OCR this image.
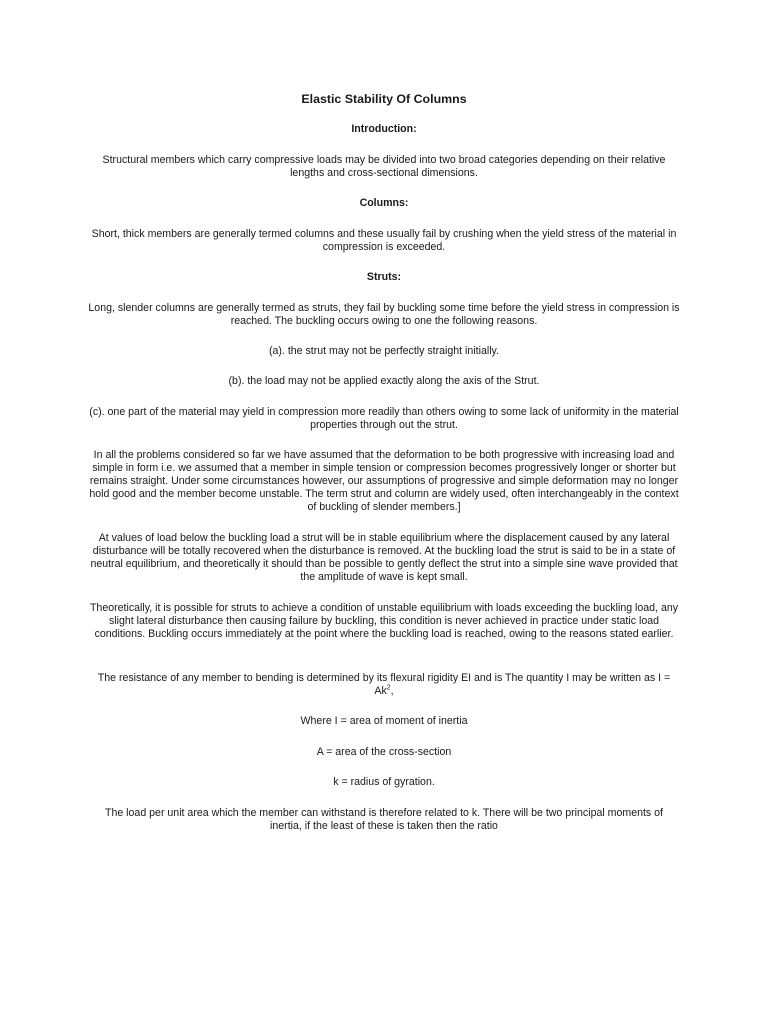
Elastic Stability Of Columns
Introduction:
Structural members which carry compressive loads may be divided into two broad categories depending on their relative lengths and cross-sectional dimensions.
Columns:
Short, thick members are generally termed columns and these usually fail by crushing when the yield stress of the material in compression is exceeded.
Struts:
Long, slender columns are generally termed as struts, they fail by buckling some time before the yield stress in compression is reached. The buckling occurs owing to one the following reasons.
(a). the strut may not be perfectly straight initially.
(b). the load may not be applied exactly along the axis of the Strut.
(c). one part of the material may yield in compression more readily than others owing to some lack of uniformity in the material properties through out the strut.
In all the problems considered so far we have assumed that the deformation to be both progressive with increasing load and simple in form i.e. we assumed that a member in simple tension or compression becomes progressively longer or shorter but remains straight. Under some circumstances however, our assumptions of progressive and simple deformation may no longer hold good and the member become unstable. The term strut and column are widely used, often interchangeably in the context of buckling of slender members.]
At values of load below the buckling load a strut will be in stable equilibrium where the displacement caused by any lateral disturbance will be totally recovered when the disturbance is removed. At the buckling load the strut is said to be in a state of neutral equilibrium, and theoretically it should than be possible to gently deflect the strut into a simple sine wave provided that the amplitude of wave is kept small.
Theoretically, it is possible for struts to achieve a condition of unstable equilibrium with loads exceeding the buckling load, any slight lateral disturbance then causing failure by buckling, this condition is never achieved in practice under static load conditions. Buckling occurs immediately at the point where the buckling load is reached, owing to the reasons stated earlier.
The resistance of any member to bending is determined by its flexural rigidity EI and is The quantity I may be written as $I = Ak^2$,
Where I = area of moment of inertia
A = area of the cross-section
k = radius of gyration.
The load per unit area which the member can withstand is therefore related to k. There will be two principal moments of inertia, if the least of these is taken then the ratio
